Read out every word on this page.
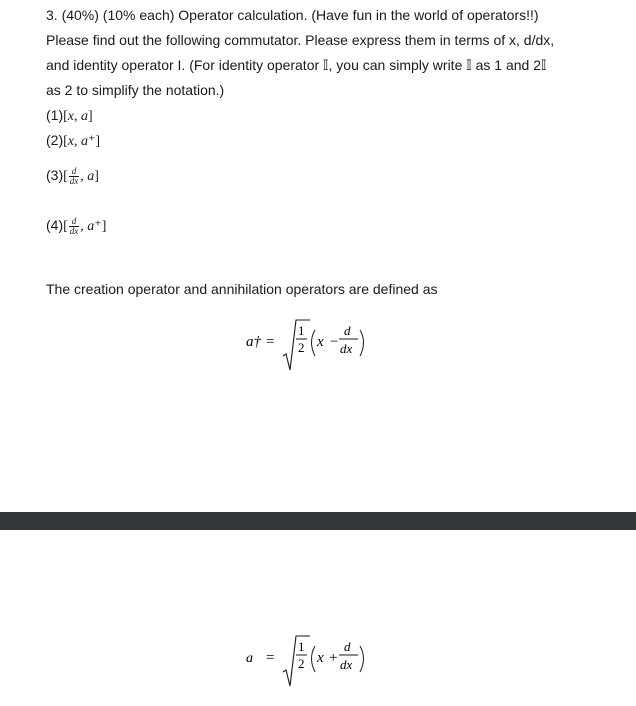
3. (40%) (10% each) Operator calculation. (Have fun in the world of operators!!)
Please find out the following commutator. Please express them in terms of x, d/dx,
and identity operator I. (For identity operator 𝕀, you can simply write 𝕀 as 1 and 2𝕀
as 2 to simplify the notation.)
(1)[x, a]
(2)[x, a⁺]
$(3)[ \frac{d}{dx}$ , a]
$(4)[ \frac{d}{dx}$ , a⁺]
The creation operator and annihilation operators are defined as
a† =
1
2 x −
d
dx
a =
1
2 x +
d
dx
